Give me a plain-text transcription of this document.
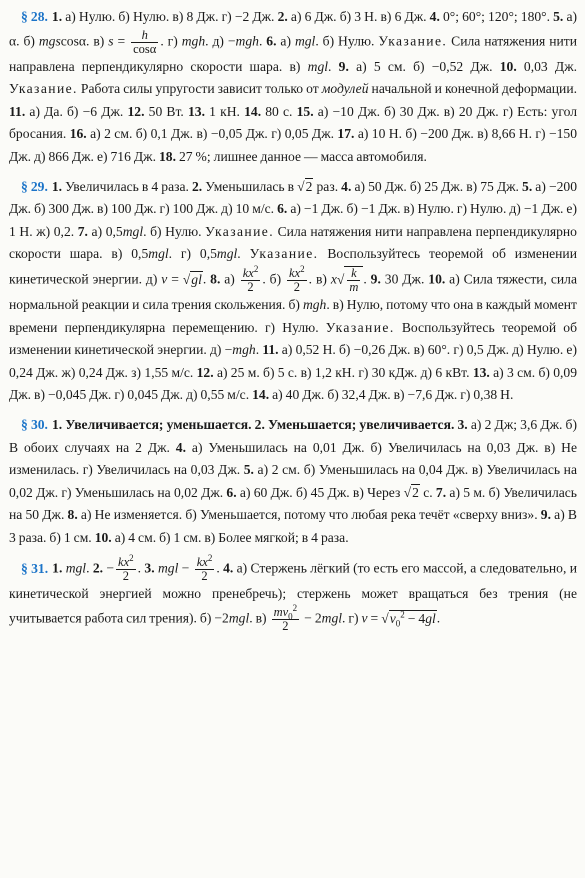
§ 28. 1. а) Нулю. б) Нулю. в) 8 Дж. г) −2 Дж. 2. а) 6 Дж. б) 3 Н. в) 6 Дж. 4. 0°; 60°; 120°; 180°. 5. а) α. б) mgscosα. в) $s = \frac{h}{\cos\alpha}$ . г) mgh. д) −mgh. 6. а) mgl. б) Нулю. Указание. Сила натяжения нити направлена перпендикулярно скорости шара. в) mgl. 9. а) 5 см. б) −0,52 Дж. 10. 0,03 Дж. Указание. Работа силы упругости зависит только от модулей начальной и конечной деформации. 11. а) Да. б) −6 Дж. 12. 50 Вт. 13. 1 кН. 14. 80 с. 15. а) −10 Дж. б) 30 Дж. в) 20 Дж. г) Есть: угол бросания. 16. а) 2 см. б) 0,1 Дж. в) −0,05 Дж. г) 0,05 Дж. 17. а) 10 Н. б) −200 Дж. в) 8,66 Н. г) −150 Дж. д) 866 Дж. е) 716 Дж. 18. 27 %; лишнее данное — масса автомобиля.
§ 29. 1. Увеличилась в 4 раза. 2. Уменьшилась в √2 раз. 4. а) 50 Дж. б) 25 Дж. в) 75 Дж. 5. а) −200 Дж. б) 300 Дж. в) 100 Дж. г) 100 Дж. д) 10 м/с. 6. а) −1 Дж. б) −1 Дж. в) Нулю. г) Нулю. д) −1 Дж. е) 1 Н. ж) 0,2. 7. а) 0,5mgl. б) Нулю. Указание. Сила натяжения нити направлена перпендикулярно скорости шара. в) 0,5mgl. г) 0,5mgl. Указание. Воспользуйтесь теоремой об изменении кинетической энергии. д) v = √gl. 8. $а) \frac{kx^2}{2}$ . $б) \frac{kx^2}{2}$ . в) $x√ \frac{k}{m}$ . 9. 30 Дж. 10. а) Сила тяжести, сила нормальной реакции и сила трения скольжения. б) mgh. в) Нулю, потому что она в каждый момент времени перпендикулярна перемещению. г) Нулю. Указание. Воспользуйтесь теоремой об изменении кинетической энергии. д) −mgh. 11. а) 0,52 Н. б) −0,26 Дж. в) 60°. г) 0,5 Дж. д) Нулю. е) 0,24 Дж. ж) 0,24 Дж. з) 1,55 м/с. 12. а) 25 м. б) 5 с. в) 1,2 кН. г) 30 кДж. д) 6 кВт. 13. а) 3 см. б) 0,09 Дж. в) −0,045 Дж. г) 0,045 Дж. д) 0,55 м/с. 14. а) 40 Дж. б) 32,4 Дж. в) −7,6 Дж. г) 0,38 Н.
§ 30. 1. Увеличивается; уменьшается. 2. Уменьшается; увеличивается. 3. а) 2 Дж; 3,6 Дж. б) В обоих случаях на 2 Дж. 4. а) Уменьшилась на 0,01 Дж. б) Увеличилась на 0,03 Дж. в) Не изменилась. г) Увеличилась на 0,03 Дж. 5. а) 2 см. б) Уменьшилась на 0,04 Дж. в) Увеличилась на 0,02 Дж. г) Уменьшилась на 0,02 Дж. 6. а) 60 Дж. б) 45 Дж. в) Через √2 с. 7. а) 5 м. б) Увеличилась на 50 Дж. 8. а) Не изменяется. б) Уменьшается, потому что любая река течёт «сверху вниз». 9. а) В 3 раза. б) 1 см. 10. а) 4 см. б) 1 см. в) Более мягкой; в 4 раза.
§ 31. 1. mgl. 2. − $\frac{kx^2}{2}$ . 3. mgl − $\frac{kx^2}{2}$ . 4. а) Стержень лёгкий (то есть его массой, а следовательно, и кинетической энергией можно пренебречь); стержень может вращаться без трения (не учитывается работа сил трения). б) −2mgl. $в) \frac{mv_0^2}{2} - 2mgl$. г) $v = √v_0^2 - 4gl$.
